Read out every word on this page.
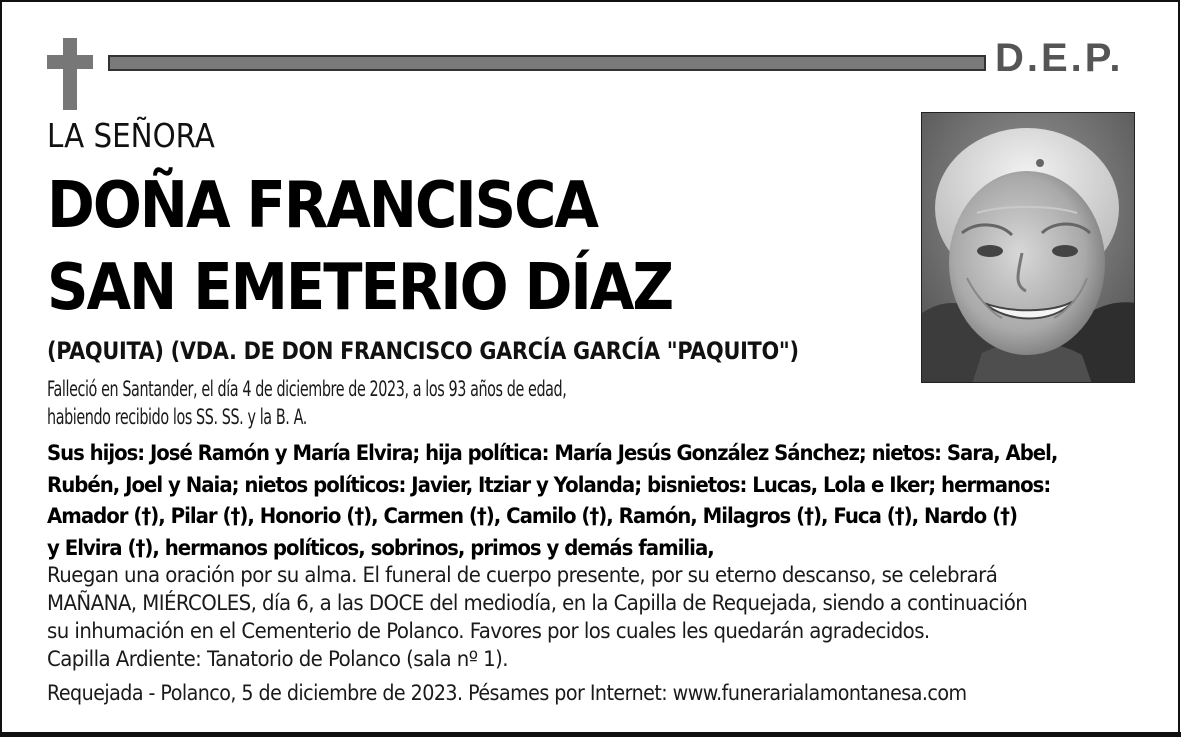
D.E.P.
LA SEÑORA
DOÑA FRANCISCA
SAN EMETERIO DÍAZ
(PAQUITA) (VDA. DE DON FRANCISCO GARCÍA GARCÍA "PAQUITO")
Falleció en Santander, el día 4 de diciembre de 2023, a los 93 años de edad,
habiendo recibido los SS. SS. y la B. A.
Sus hijos: José Ramón y María Elvira; hija política: María Jesús González Sánchez; nietos: Sara, Abel,
Rubén, Joel y Naia; nietos políticos: Javier, Itziar y Yolanda; bisnietos: Lucas, Lola e Iker; hermanos:
Amador (†), Pilar (†), Honorio (†), Carmen (†), Camilo (†), Ramón, Milagros (†), Fuca (†), Nardo (†)
y Elvira (†), hermanos políticos, sobrinos, primos y demás familia,
Ruegan una oración por su alma. El funeral de cuerpo presente, por su eterno descanso, se celebrará
MAÑANA, MIÉRCOLES, día 6, a las DOCE del mediodía, en la Capilla de Requejada, siendo a continuación
su inhumación en el Cementerio de Polanco. Favores por los cuales les quedarán agradecidos.
Capilla Ardiente: Tanatorio de Polanco (sala nº 1).
Requejada - Polanco, 5 de diciembre de 2023. Pésames por Internet: www.funerarialamontanesa.com
